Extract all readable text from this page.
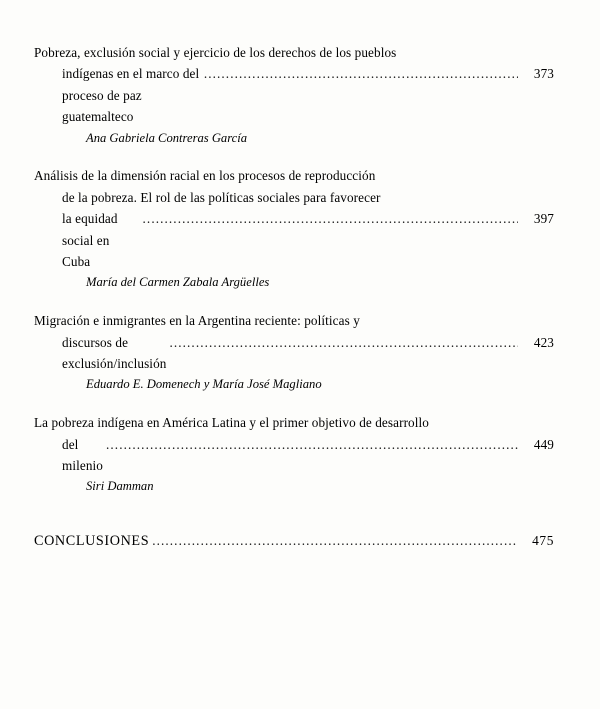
Pobreza, exclusión social y ejercicio de los derechos de los pueblos
indígenas en el marco del proceso de paz guatemalteco
.....
373
Ana Gabriela Contreras García
Análisis de la dimensión racial en los procesos de reproducción
de la pobreza. El rol de las políticas sociales para favorecer
la equidad social en Cuba
.....
397
María del Carmen Zabala Argüelles
Migración e inmigrantes en la Argentina reciente: políticas y
discursos de exclusión/inclusión
.....
423
Eduardo E. Domenech y María José Magliano
La pobreza indígena en América Latina y el primer objetivo de desarrollo
del milenio
.....
449
Siri Damman
CONCLUSIONES .....	475
